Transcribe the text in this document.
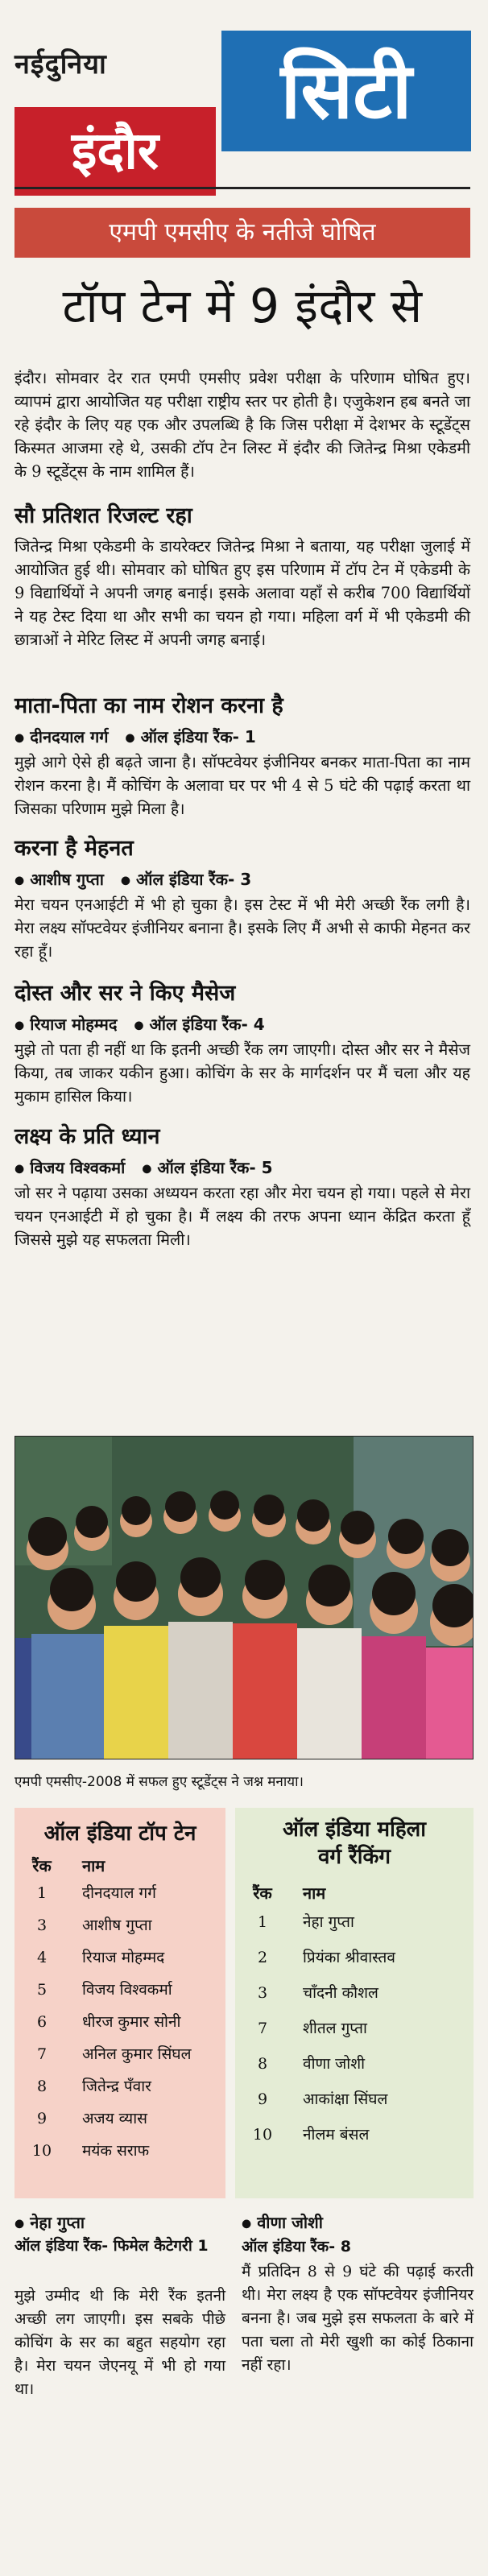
नईदुनिया
इंदौर
सिटी
एमपी एमसीए के नतीजे घोषित
टॉप टेन में 9 इंदौर से
इंदौर। सोमवार देर रात एमपी एमसीए प्रवेश परीक्षा के परिणाम घोषित हुए। व्यापमं द्वारा आयोजित यह परीक्षा राष्ट्रीय स्तर पर होती है। एजुकेशन हब बनते जा रहे इंदौर के लिए यह एक और उपलब्धि है कि जिस परीक्षा में देशभर के स्टूडेंट्स किस्मत आजमा रहे थे, उसकी टॉप टेन लिस्ट में इंदौर की जितेन्द्र मिश्रा एकेडमी के 9 स्टूडेंट्स के नाम शामिल हैं।
सौ प्रतिशत रिजल्ट रहा
जितेन्द्र मिश्रा एकेडमी के डायरेक्टर जितेन्द्र मिश्रा ने बताया, यह परीक्षा जुलाई में आयोजित हुई थी। सोमवार को घोषित हुए इस परिणाम में टॉप टेन में एकेडमी के 9 विद्यार्थियों ने अपनी जगह बनाई। इसके अलावा यहाँ से करीब 700 विद्यार्थियों ने यह टेस्ट दिया था और सभी का चयन हो गया। महिला वर्ग में भी एकेडमी की छात्राओं ने मेरिट लिस्ट में अपनी जगह बनाई।
माता-पिता का नाम रोशन करना है
● दीनदयाल गर्ग ● ऑल इंडिया रैंक- 1
मुझे आगे ऐसे ही बढ़ते जाना है। सॉफ्टवेयर इंजीनियर बनकर माता-पिता का नाम रोशन करना है। मैं कोचिंग के अलावा घर पर भी 4 से 5 घंटे की पढ़ाई करता था जिसका परिणाम मुझे मिला है।
करना है मेहनत
● आशीष गुप्ता ● ऑल इंडिया रैंक- 3
मेरा चयन एनआईटी में भी हो चुका है। इस टेस्ट में भी मेरी अच्छी रैंक लगी है। मेरा लक्ष्य सॉफ्टवेयर इंजीनियर बनाना है। इसके लिए मैं अभी से काफी मेहनत कर रहा हूँ।
दोस्त और सर ने किए मैसेज
● रियाज मोहम्मद ● ऑल इंडिया रैंक- 4
मुझे तो पता ही नहीं था कि इतनी अच्छी रैंक लग जाएगी। दोस्त और सर ने मैसेज किया, तब जाकर यकीन हुआ। कोचिंग के सर के मार्गदर्शन पर मैं चला और यह मुकाम हासिल किया।
लक्ष्य के प्रति ध्यान
● विजय विश्वकर्मा ● ऑल इंडिया रैंक- 5
जो सर ने पढ़ाया उसका अध्ययन करता रहा और मेरा चयन हो गया। पहले से मेरा चयन एनआईटी में हो चुका है। मैं लक्ष्य की तरफ अपना ध्यान केंद्रित करता हूँ जिससे मुझे यह सफलता मिली।
एमपी एमसीए-2008 में सफल हुए स्टूडेंट्स ने जश्न मनाया।
ऑल इंडिया टॉप टेन
रैंक	नाम
1	दीनदयाल गर्ग
3	आशीष गुप्ता
4	रियाज मोहम्मद
5	विजय विश्वकर्मा
6	धीरज कुमार सोनी
7	अनिल कुमार सिंघल
8	जितेन्द्र पँवार
9	अजय व्यास
10	मयंक सराफ
ऑल इंडिया महिला
वर्ग रैंकिंग
रैंक	नाम
1	नेहा गुप्ता
2	प्रियंका श्रीवास्तव
3	चाँदनी कौशल
7	शीतल गुप्ता
8	वीणा जोशी
9	आकांक्षा सिंघल
10	नीलम बंसल
● नेहा गुप्ता
ऑल इंडिया रैंक- फिमेल कैटेगरी 1
मुझे उम्मीद थी कि मेरी रैंक इतनी अच्छी लग जाएगी। इस सबके पीछे कोचिंग के सर का बहुत सहयोग रहा है। मेरा चयन जेएनयू में भी हो गया था।
● वीणा जोशी
ऑल इंडिया रैंक- 8
मैं प्रतिदिन 8 से 9 घंटे की पढ़ाई करती थी। मेरा लक्ष्य है एक सॉफ्टवेयर इंजीनियर बनना है। जब मुझे इस सफलता के बारे में पता चला तो मेरी खुशी का कोई ठिकाना नहीं रहा।
